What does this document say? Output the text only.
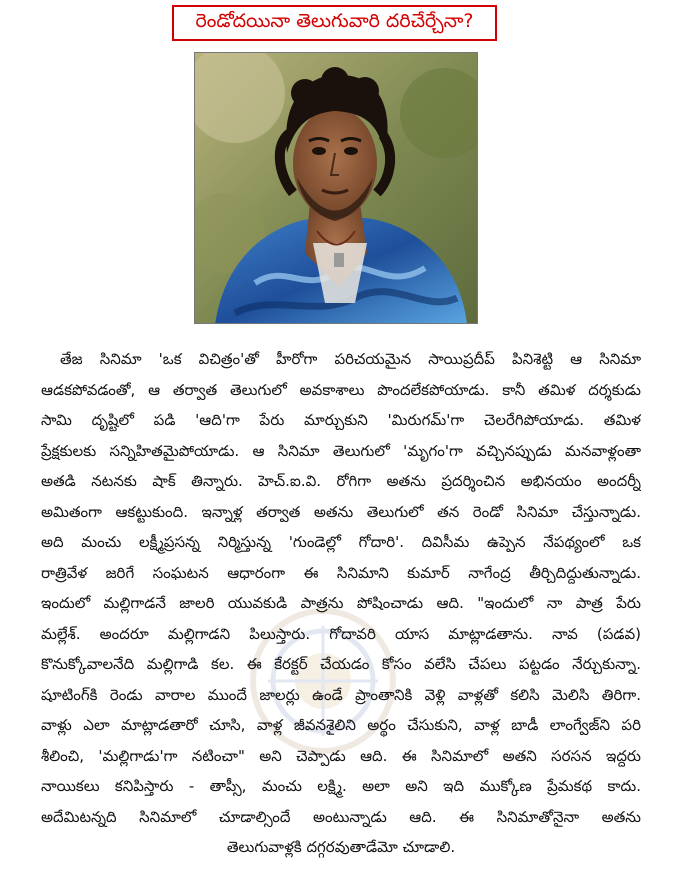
రెండోదయినా తెలుగువారి దరిచేర్చేనా?
తేజ సినిమా 'ఒక విచిత్రం'తో హీరోగా పరిచయమైన సాయిప్రదీప్ పినిశెట్టి ఆ సినిమా
ఆడకపోవడంతో, ఆ తర్వాత తెలుగులో అవకాశాలు పొందలేకపోయాడు. కానీ తమిళ దర్శకుడు
సామి దృష్టిలో పడి 'ఆది'గా పేరు మార్చుకుని 'మిరుగమ్'గా చెలరేగిపోయాడు. తమిళ
ప్రేక్షకులకు సన్నిహితమైపోయాడు. ఆ సినిమా తెలుగులో 'మృగం'గా వచ్చినప్పుడు మనవాళ్లంతా
అతడి నటనకు షాక్ తిన్నారు. హెచ్.ఐ.వి. రోగిగా అతను ప్రదర్శించిన అభినయం అందర్నీ
అమితంగా ఆకట్టుకుంది. ఇన్నాళ్ల తర్వాత అతను తెలుగులో తన రెండో సినిమా చేస్తున్నాడు.
అది మంచు లక్ష్మీప్రసన్న నిర్మిస్తున్న 'గుండెల్లో గోదారి'. దివిసీమ ఉప్పెన నేపథ్యంలో ఒక
రాత్రివేళ జరిగే సంఘటన ఆధారంగా ఈ సినిమాని కుమార్ నాగేంద్ర తీర్చిదిద్దుతున్నాడు.
ఇందులో మల్లిగాడనే జాలరి యువకుడి పాత్రను పోషించాడు ఆది. "ఇందులో నా పాత్ర పేరు
మల్లేశ్. అందరూ మల్లిగాడని పిలుస్తారు. గోదావరి యాస మాట్లాడతాను. నావ (పడవ)
కొనుక్కోవాలనేది మల్లిగాడి కల. ఈ కేరక్టర్ చేయడం కోసం వలేసి చేపలు పట్టడం నేర్చుకున్నా.
షూటింగ్‌కి రెండు వారాల ముందే జాలర్లు ఉండే ప్రాంతానికి వెళ్లి వాళ్లతో కలిసి మెలిసి తిరిగా.
వాళ్లు ఎలా మాట్లాడతారో చూసి, వాళ్ల జీవనశైలిని అర్థం చేసుకుని, వాళ్ల బాడీ లాంగ్వేజ్‌ని పరి
శీలించి, 'మల్లిగాడు'గా నటించా" అని చెప్పాడు ఆది. ఈ సినిమాలో అతని సరసన ఇద్దరు
నాయికలు కనిపిస్తారు - తాప్సీ, మంచు లక్ష్మి. అలా అని ఇది ముక్కోణ ప్రేమకథ కాదు.
అదేమిటన్నది సినిమాలో చూడాల్సిందే అంటున్నాడు ఆది. ఈ సినిమాతోనైనా అతను
తెలుగువాళ్లకి దగ్గరవుతాడేమో చూడాలి.
